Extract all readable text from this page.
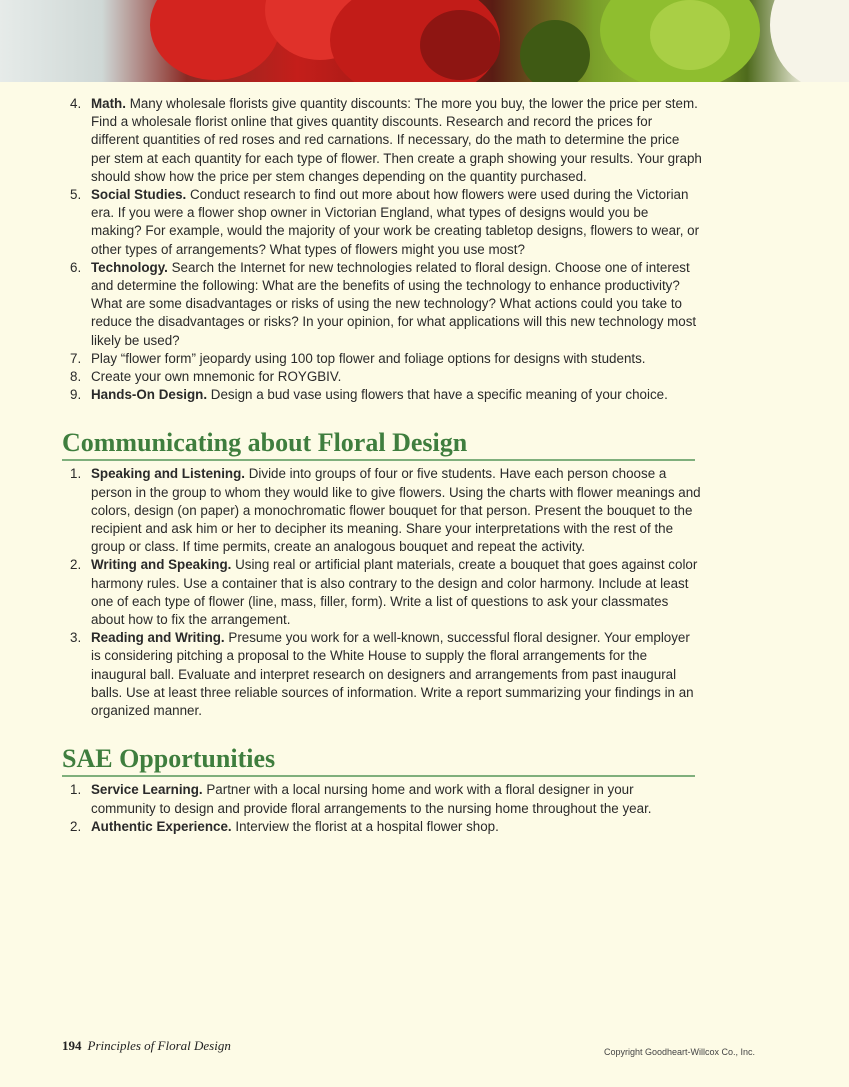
4. Math. Many wholesale florists give quantity discounts: The more you buy, the lower the price per stem. Find a wholesale florist online that gives quantity discounts. Research and record the prices for different quantities of red roses and red carnations. If necessary, do the math to determine the price per stem at each quantity for each type of flower. Then create a graph showing your results. Your graph should show how the price per stem changes depending on the quantity purchased.
5. Social Studies. Conduct research to find out more about how flowers were used during the Victorian era. If you were a flower shop owner in Victorian England, what types of designs would you be making? For example, would the majority of your work be creating tabletop designs, flowers to wear, or other types of arrangements? What types of flowers might you use most?
6. Technology. Search the Internet for new technologies related to floral design. Choose one of interest and determine the following: What are the benefits of using the technology to enhance productivity? What are some disadvantages or risks of using the new technology? What actions could you take to reduce the disadvantages or risks? In your opinion, for what applications will this new technology most likely be used?
7. Play “flower form” jeopardy using 100 top flower and foliage options for designs with students.
8. Create your own mnemonic for ROYGBIV.
9. Hands-On Design. Design a bud vase using flowers that have a specific meaning of your choice.
Communicating about Floral Design
1. Speaking and Listening. Divide into groups of four or five students. Have each person choose a person in the group to whom they would like to give flowers. Using the charts with flower meanings and colors, design (on paper) a monochromatic flower bouquet for that person. Present the bouquet to the recipient and ask him or her to decipher its meaning. Share your interpretations with the rest of the group or class. If time permits, create an analogous bouquet and repeat the activity.
2. Writing and Speaking. Using real or artificial plant materials, create a bouquet that goes against color harmony rules. Use a container that is also contrary to the design and color harmony. Include at least one of each type of flower (line, mass, filler, form). Write a list of questions to ask your classmates about how to fix the arrangement.
3. Reading and Writing. Presume you work for a well-known, successful floral designer. Your employer is considering pitching a proposal to the White House to supply the floral arrangements for the inaugural ball. Evaluate and interpret research on designers and arrangements from past inaugural balls. Use at least three reliable sources of information. Write a report summarizing your findings in an organized manner.
SAE Opportunities
1. Service Learning. Partner with a local nursing home and work with a floral designer in your community to design and provide floral arrangements to the nursing home throughout the year.
2. Authentic Experience. Interview the florist at a hospital flower shop.
194 Principles of Floral Design	Copyright Goodheart-Willcox Co., Inc.
